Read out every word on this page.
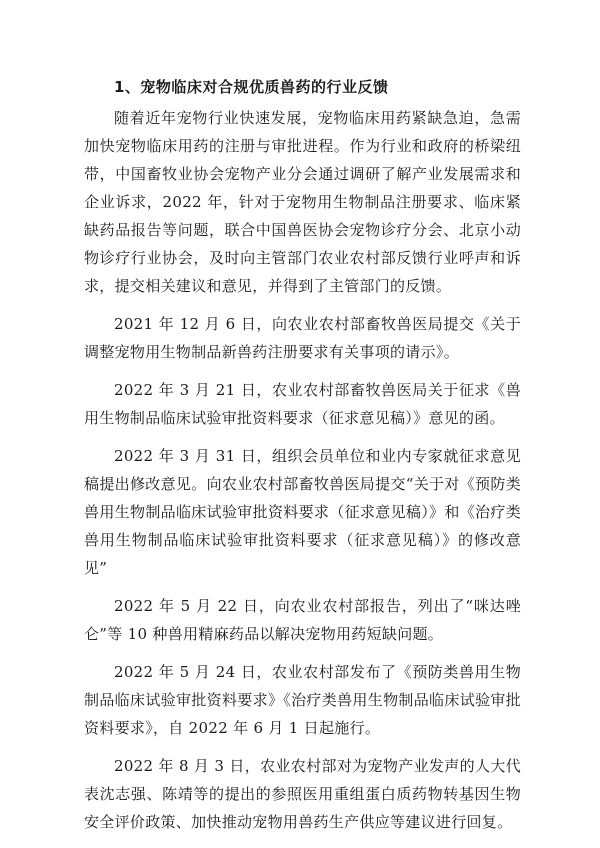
1、宠物临床对合规优质兽药的行业反馈

随着近年宠物行业快速发展，宠物临床用药紧缺急迫，急需加快宠物临床用药的注册与审批进程。作为行业和政府的桥梁纽带，中国畜牧业协会宠物产业分会通过调研了解产业发展需求和企业诉求，2022 年，针对于宠物用生物制品注册要求、临床紧缺药品报告等问题，联合中国兽医协会宠物诊疗分会、北京小动物诊疗行业协会，及时向主管部门农业农村部反馈行业呼声和诉求，提交相关建议和意见，并得到了主管部门的反馈。

2021 年 12 月 6 日，向农业农村部畜牧兽医局提交《关于调整宠物用生物制品新兽药注册要求有关事项的请示》。

2022 年 3 月 21 日，农业农村部畜牧兽医局关于征求《兽用生物制品临床试验审批资料要求（征求意见稿）》意见的函。

2022 年 3 月 31 日，组织会员单位和业内专家就征求意见稿提出修改意见。向农业农村部畜牧兽医局提交“关于对《预防类兽用生物制品临床试验审批资料要求（征求意见稿）》和《治疗类兽用生物制品临床试验审批资料要求（征求意见稿）》的修改意见”

2022 年 5 月 22 日，向农业农村部报告，列出了“咪达唑仑”等 10 种兽用精麻药品以解决宠物用药短缺问题。

2022 年 5 月 24 日，农业农村部发布了《预防类兽用生物制品临床试验审批资料要求》《治疗类兽用生物制品临床试验审批资料要求》，自 2022 年 6 月 1 日起施行。

2022 年 8 月 3 日，农业农村部对为宠物产业发声的人大代表沈志强、陈靖等的提出的参照医用重组蛋白质药物转基因生物安全评价政策、加快推动宠物用兽药生产供应等建议进行回复。
